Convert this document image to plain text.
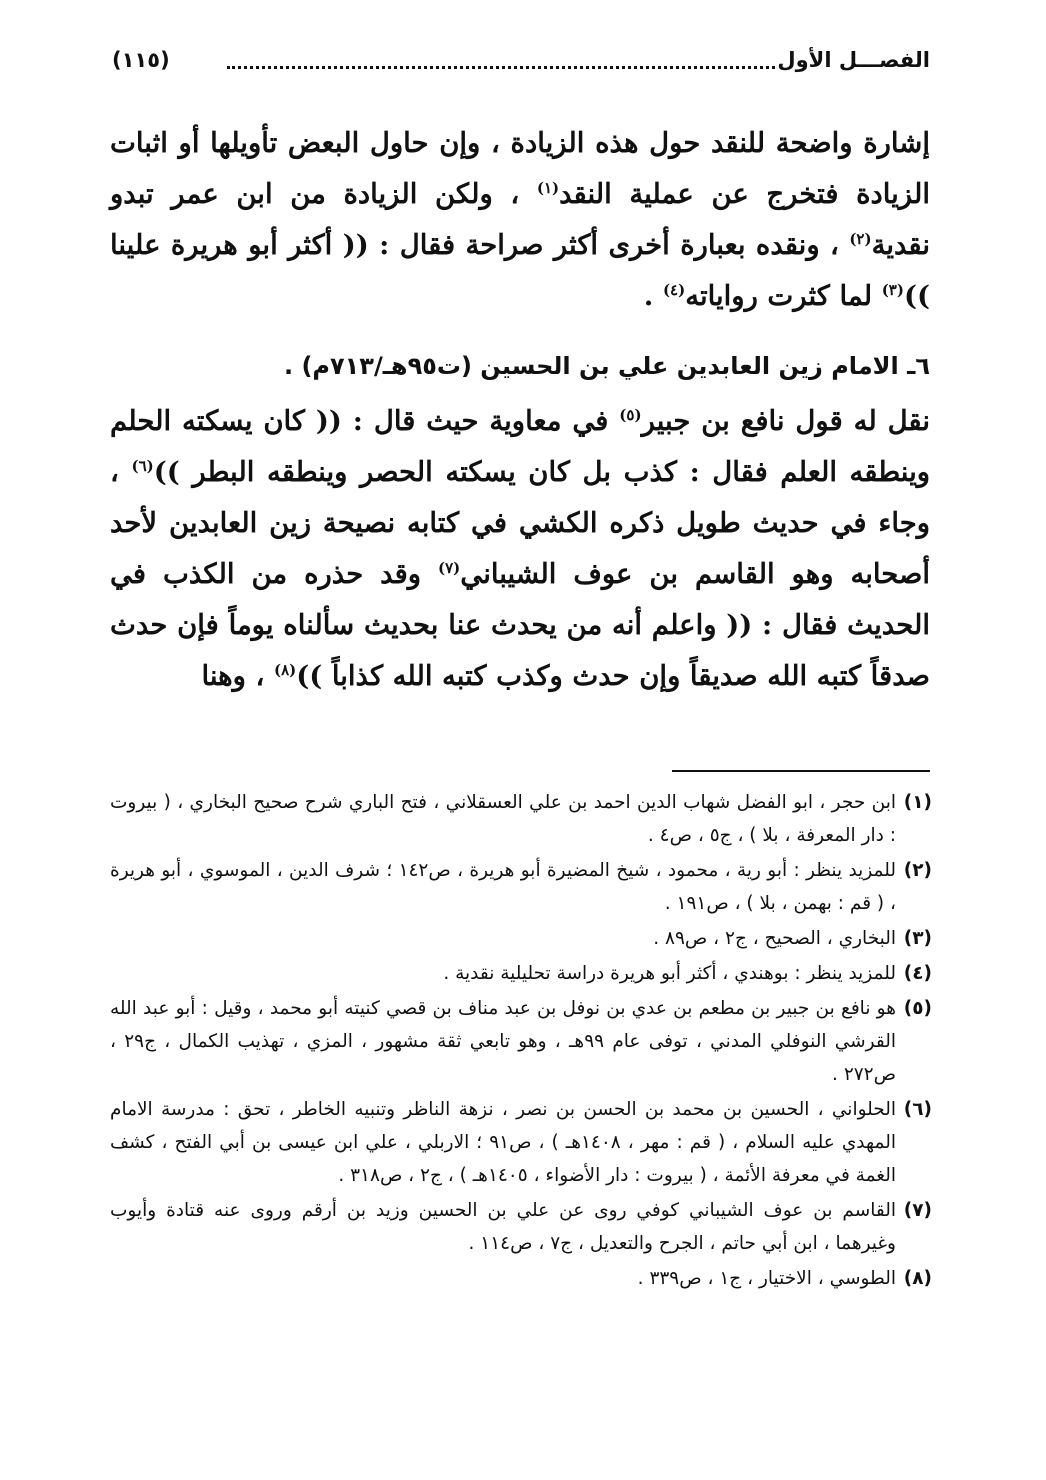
الفصـــل الأول
(١١٥)

إشارة واضحة للنقد حول هذه الزيادة ، وإن حاول البعض تأويلها أو اثبات الزيادة فتخرج عن عملية النقد$^{(١)}$ ، ولكن الزيادة من ابن عمر تبدو نقدية$^{(٢)}$ ، ونقده بعبارة أخرى أكثر صراحة فقال : (( أكثر أبو هريرة علينا ))$^{(٣)}$ لما كثرت رواياته$^{(٤)}$ .

٦ـ الامام زين العابدين علي بن الحسين (ت٩٥هـ/٧١٣م) .

نقل له قول نافع بن جبير$^{(٥)}$ في معاوية حيث قال : (( كان يسكته الحلم وينطقه العلم فقال : كذب بل كان يسكته الحصر وينطقه البطر ))$^{(٦)}$ ، وجاء في حديث طويل ذكره الكشي في كتابه نصيحة زين العابدين لأحد أصحابه وهو القاسم بن عوف الشيباني$^{(٧)}$ وقد حذره من الكذب في الحديث فقال : (( واعلم أنه من يحدث عنا بحديث سألناه يوماً فإن حدث صدقاً كتبه الله صديقاً وإن حدث وكذب كتبه الله كذاباً ))$^{(٨)}$ ، وهنا

(١)
ابن حجر ، ابو الفضل شهاب الدين احمد بن علي العسقلاني ، فتح الباري شرح صحيح البخاري ، ( بيروت : دار المعرفة ، بلا ) ، ج٥ ، ص٤ .
(٢)
للمزيد ينظر : أبو رية ، محمود ، شيخ المضيرة أبو هريرة ، ص١٤٢ ؛ شرف الدين ، الموسوي ، أبو هريرة ، ( قم : بهمن ، بلا ) ، ص١٩١ .
(٣)
البخاري ، الصحيح ، ج٢ ، ص٨٩ .
(٤)
للمزيد ينظر : بوهندي ، أكثر أبو هريرة دراسة تحليلية نقدية .
(٥)
هو نافع بن جبير بن مطعم بن عدي بن نوفل بن عبد مناف بن قصي كنيته أبو محمد ، وقيل : أبو عبد الله القرشي النوفلي المدني ، توفى عام ٩٩هـ ، وهو تابعي ثقة مشهور ، المزي ، تهذيب الكمال ، ج٢٩ ، ص٢٧٢ .
(٦)
الحلواني ، الحسين بن محمد بن الحسن بن نصر ، نزهة الناظر وتنبيه الخاطر ، تحق : مدرسة الامام المهدي عليه السلام ، ( قم : مهر ، ١٤٠٨هـ ) ، ص٩١ ؛ الاربلي ، علي ابن عيسى بن أبي الفتح ، كشف الغمة في معرفة الأئمة ، ( بيروت : دار الأضواء ، ١٤٠٥هـ ) ، ج٢ ، ص٣١٨ .
(٧)
القاسم بن عوف الشيباني كوفي روى عن علي بن الحسين وزيد بن أرقم وروى عنه قتادة وأيوب وغيرهما ، ابن أبي حاتم ، الجرح والتعديل ، ج٧ ، ص١١٤ .
(٨)
الطوسي ، الاختيار ، ج١ ، ص٣٣٩ .
